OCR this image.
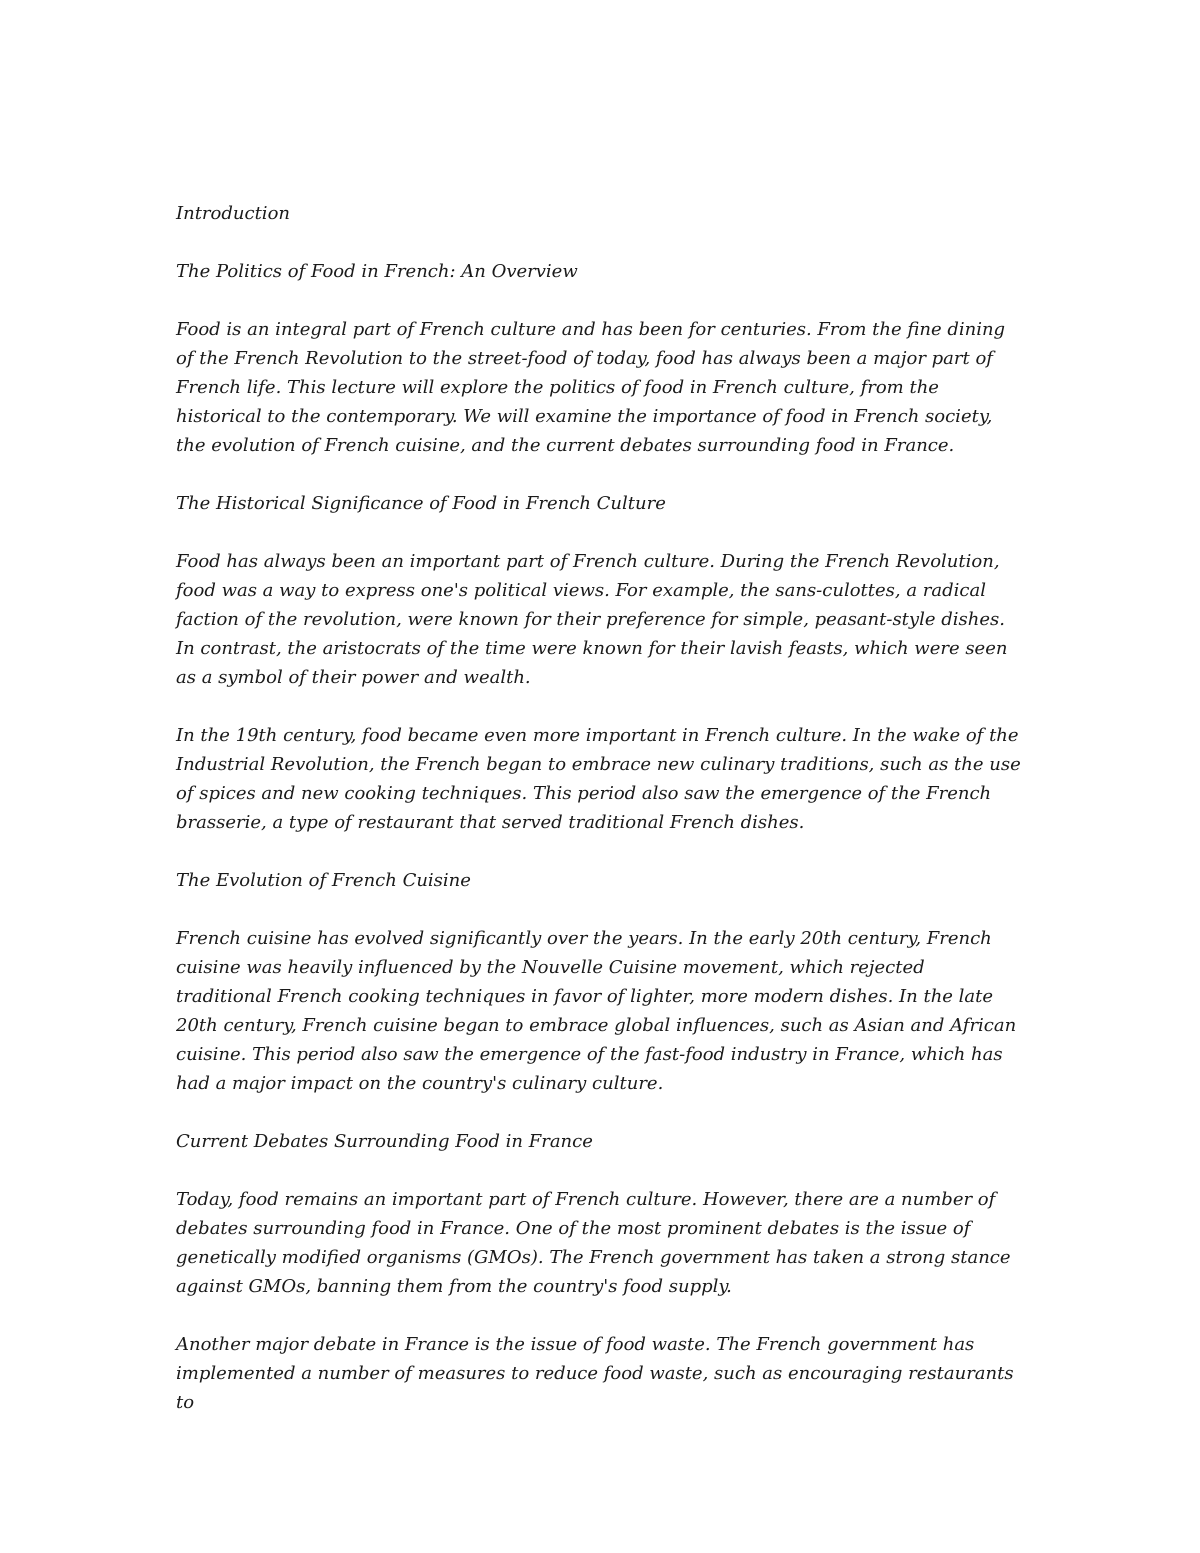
Introduction

The Politics of Food in French: An Overview

Food is an integral part of French culture and has been for centuries. From the fine dining of the French Revolution to the street-food of today, food has always been a major part of French life. This lecture will explore the politics of food in French culture, from the historical to the contemporary. We will examine the importance of food in French society, the evolution of French cuisine, and the current debates surrounding food in France.

The Historical Significance of Food in French Culture

Food has always been an important part of French culture. During the French Revolution, food was a way to express one's political views. For example, the sans-culottes, a radical faction of the revolution, were known for their preference for simple, peasant-style dishes. In contrast, the aristocrats of the time were known for their lavish feasts, which were seen as a symbol of their power and wealth.

In the 19th century, food became even more important in French culture. In the wake of the Industrial Revolution, the French began to embrace new culinary traditions, such as the use of spices and new cooking techniques. This period also saw the emergence of the French brasserie, a type of restaurant that served traditional French dishes.

The Evolution of French Cuisine

French cuisine has evolved significantly over the years. In the early 20th century, French cuisine was heavily influenced by the Nouvelle Cuisine movement, which rejected traditional French cooking techniques in favor of lighter, more modern dishes. In the late 20th century, French cuisine began to embrace global influences, such as Asian and African cuisine. This period also saw the emergence of the fast-food industry in France, which has had a major impact on the country's culinary culture.

Current Debates Surrounding Food in France

Today, food remains an important part of French culture. However, there are a number of debates surrounding food in France. One of the most prominent debates is the issue of genetically modified organisms (GMOs). The French government has taken a strong stance against GMOs, banning them from the country's food supply.

Another major debate in France is the issue of food waste. The French government has implemented a number of measures to reduce food waste, such as encouraging restaurants to
